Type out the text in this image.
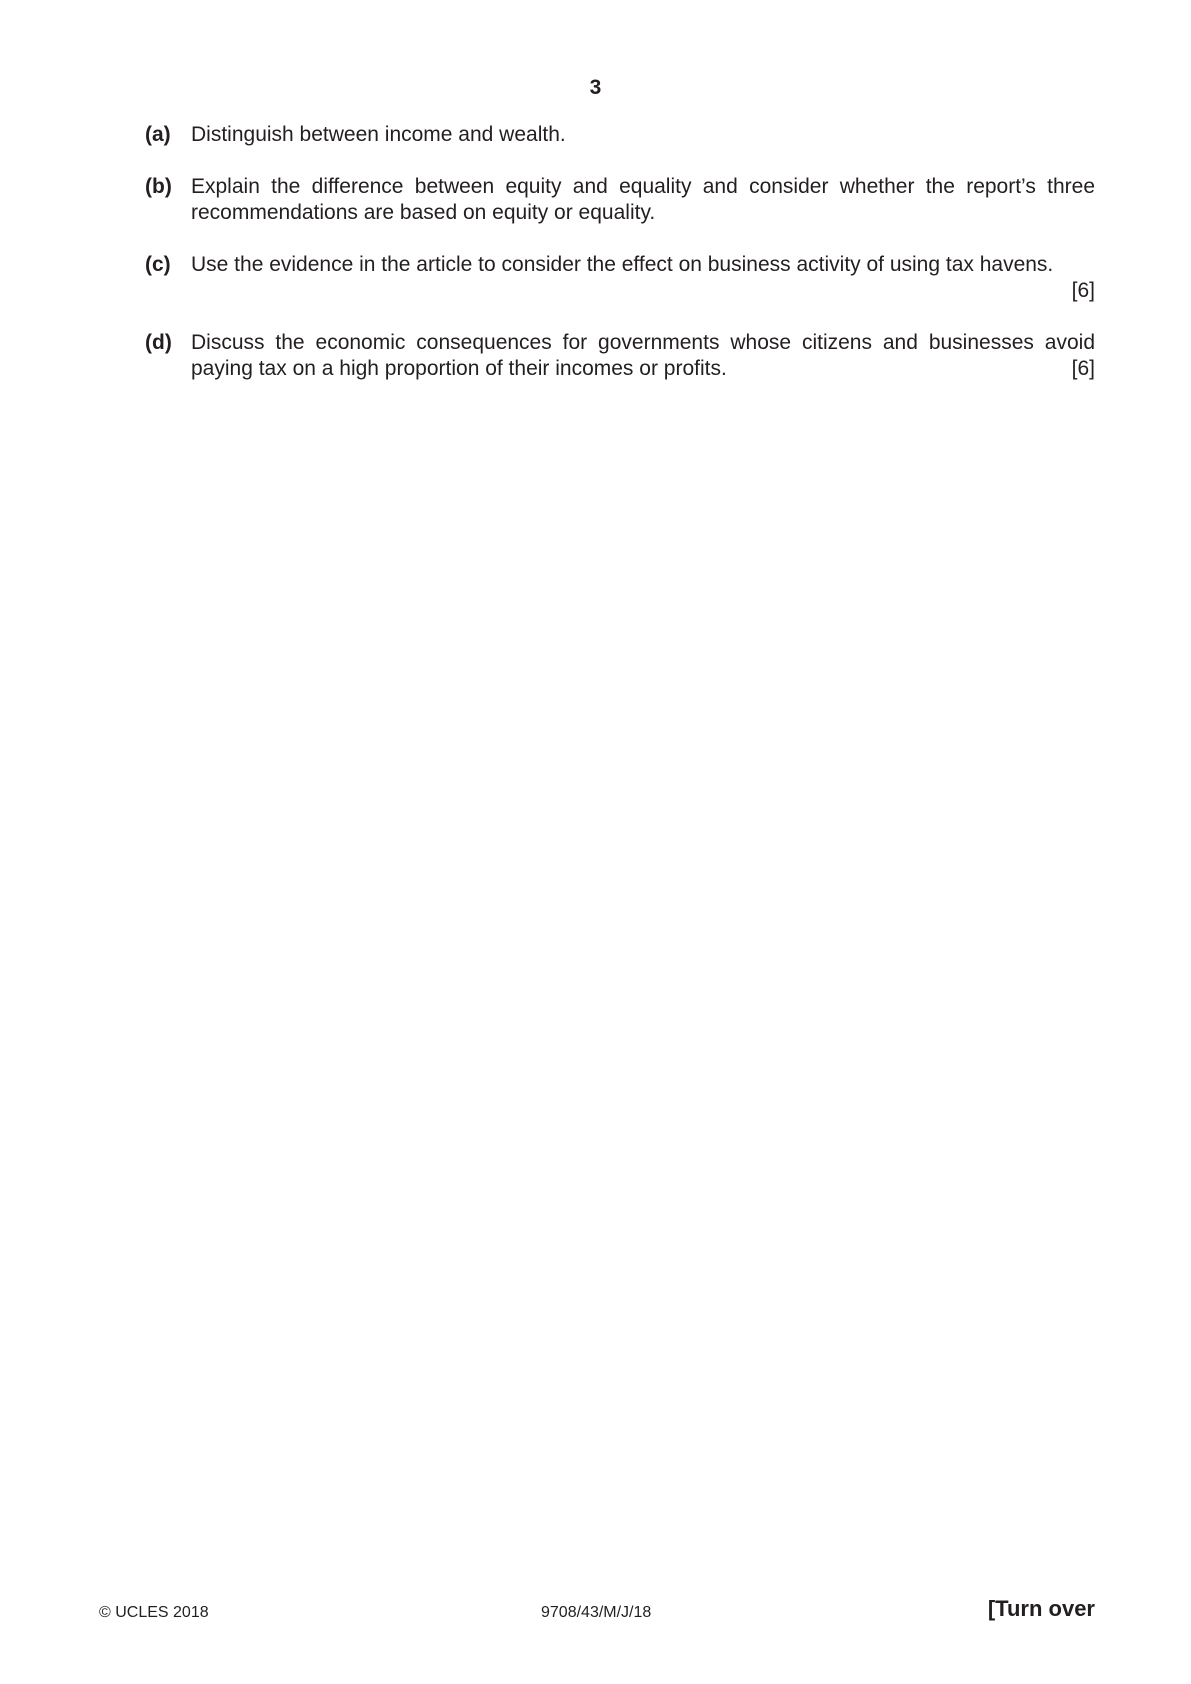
3
(a) Distinguish between income and wealth.
(b) Explain the difference between equity and equality and consider whether the report’s three recommendations are based on equity or equality.
(c) Use the evidence in the article to consider the effect on business activity of using tax havens.
[6]
(d) Discuss the economic consequences for governments whose citizens and businesses avoid
paying tax on a high proportion of their incomes or profits.	[6]
© UCLES 2018	9708/43/M/J/18	[Turn over
